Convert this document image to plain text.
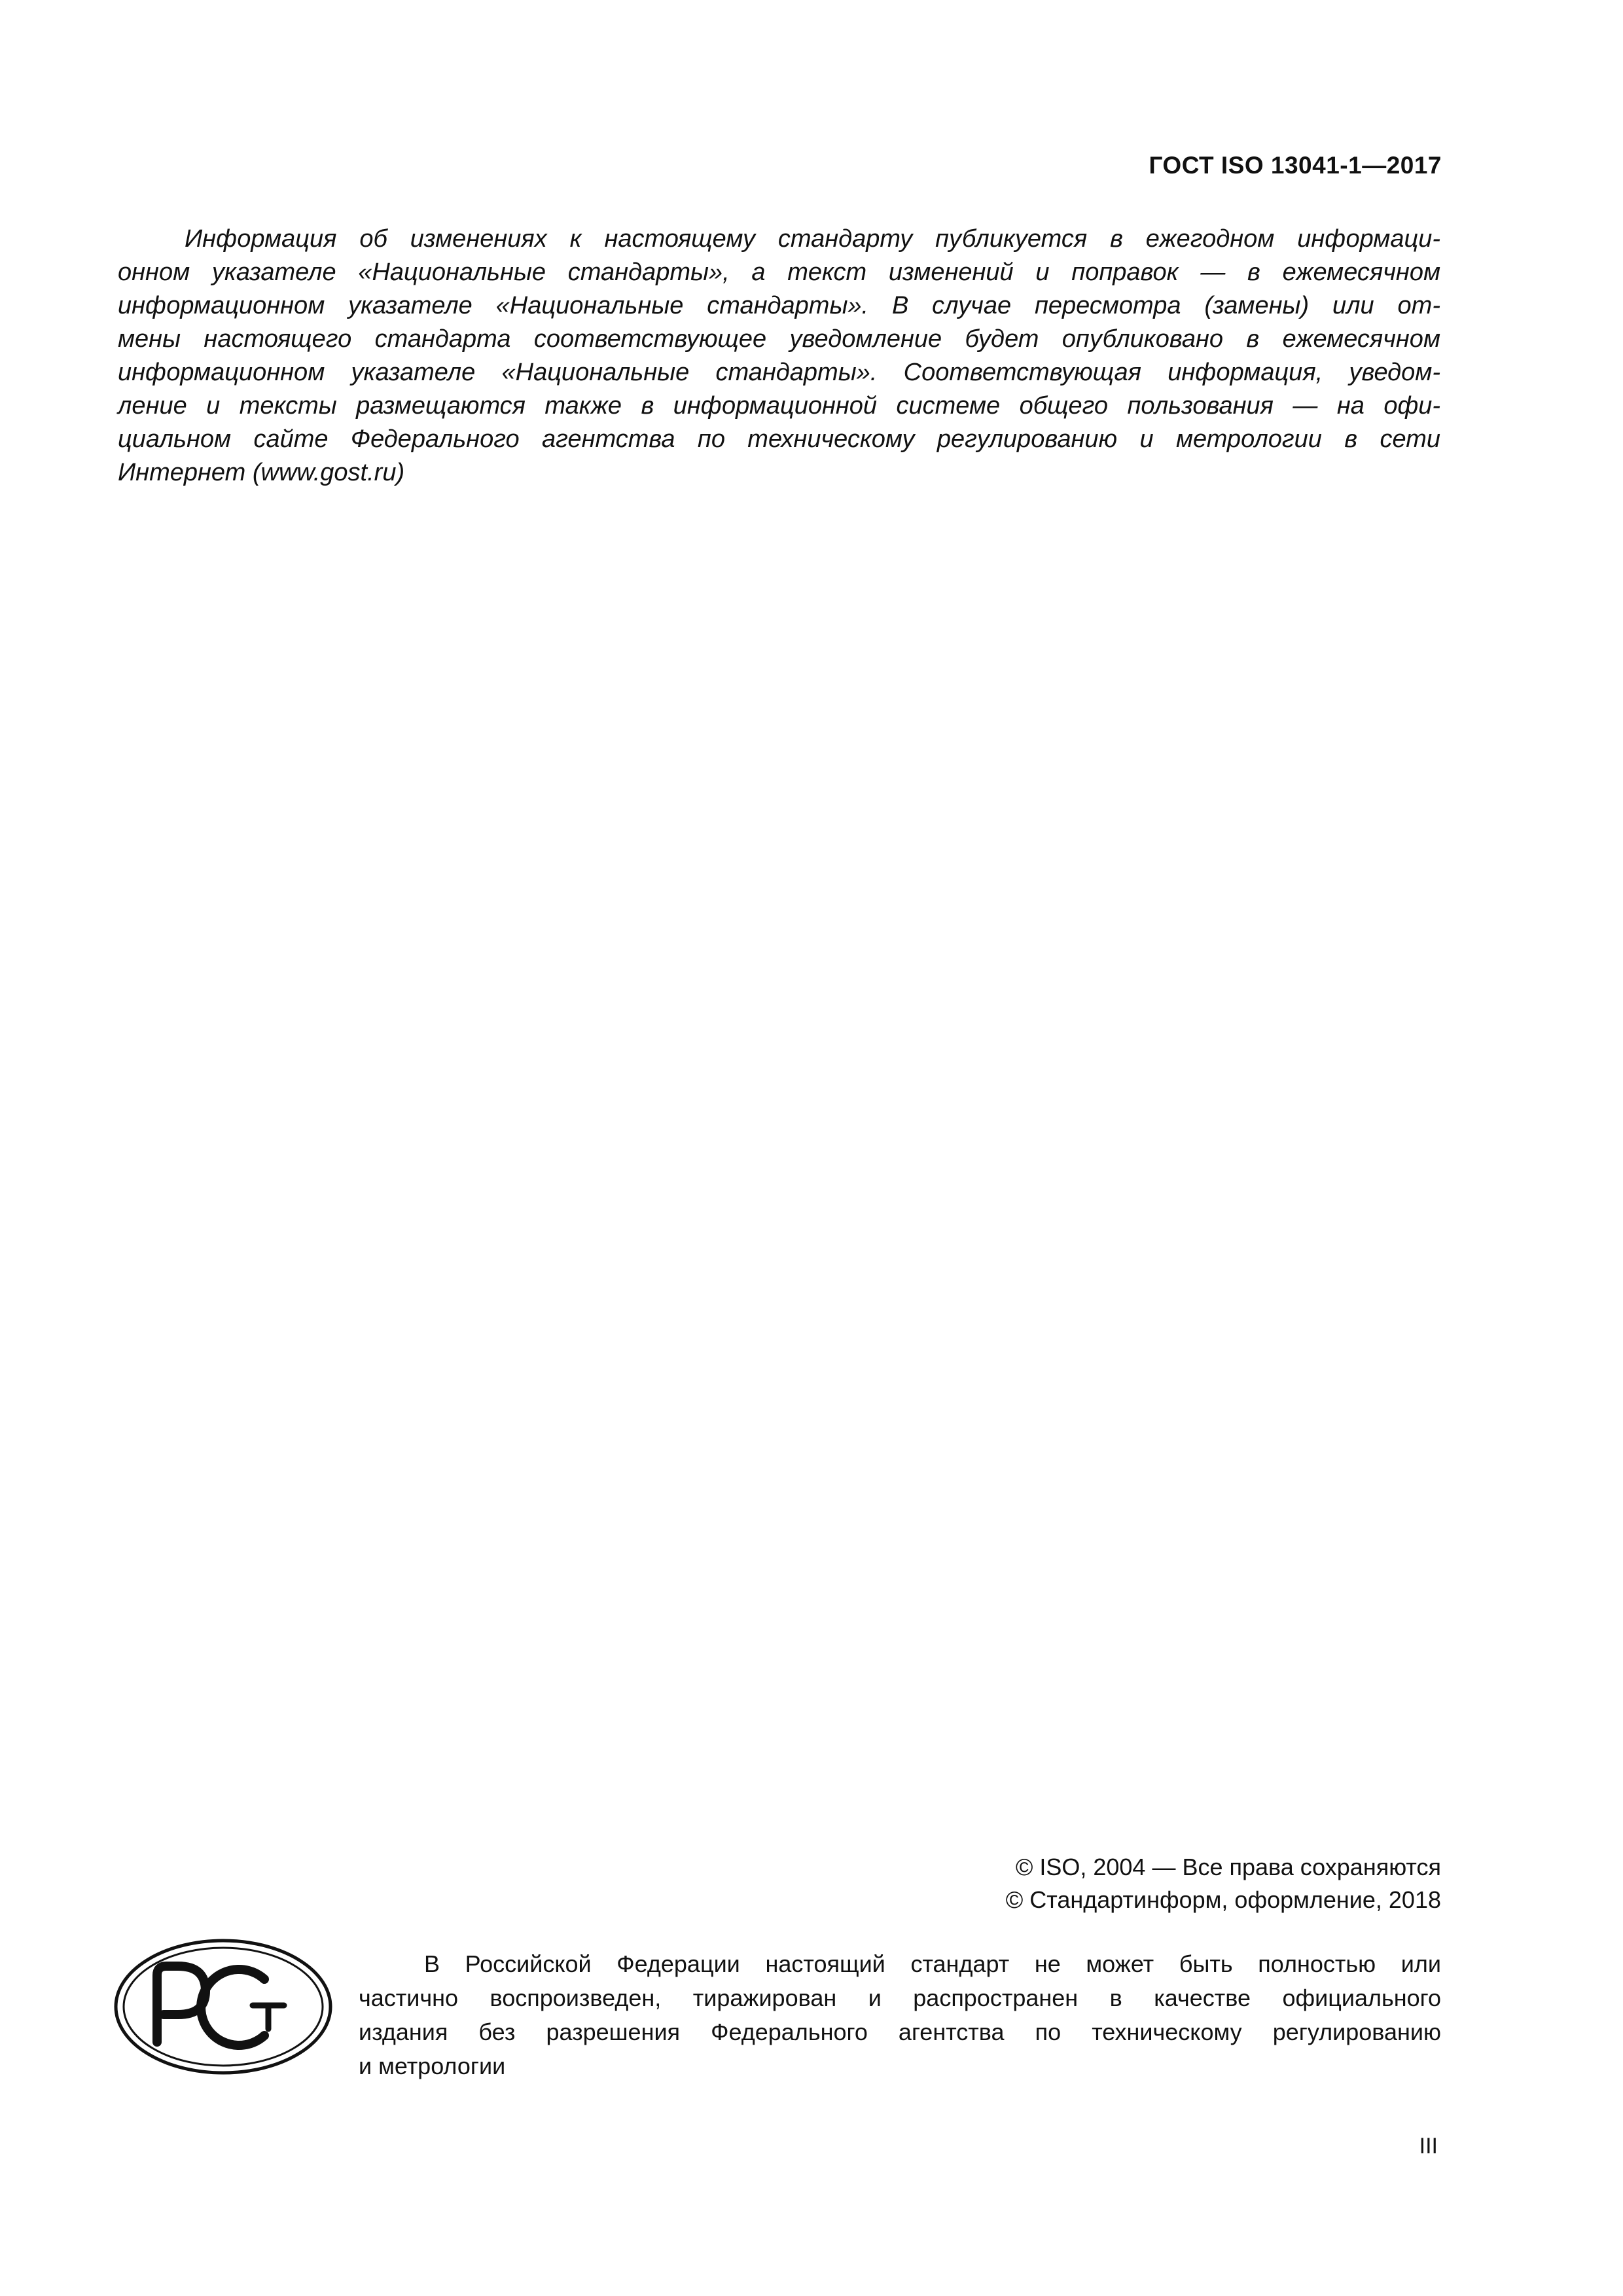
ГОСТ ISO 13041-1—2017
Информация об изменениях к настоящему стандарту публикуется в ежегодном информаци-
онном указателе «Национальные стандарты», а текст изменений и поправок — в ежемесячном
информационном указателе «Национальные стандарты». В случае пересмотра (замены) или от-
мены настоящего стандарта соответствующее уведомление будет опубликовано в ежемесячном
информационном указателе «Национальные стандарты». Соответствующая информация, уведом-
ление и тексты размещаются также в информационной системе общего пользования — на офи-
циальном сайте Федерального агентства по техническому регулированию и метрологии в сети
Интернет (www.gost.ru)
© ISO, 2004 — Все права сохраняются
© Стандартинформ, оформление, 2018
В Российской Федерации настоящий стандарт не может быть полностью или
частично воспроизведен, тиражирован и распространен в качестве официального
издания без разрешения Федерального агентства по техническому регулированию
и метрологии
III
